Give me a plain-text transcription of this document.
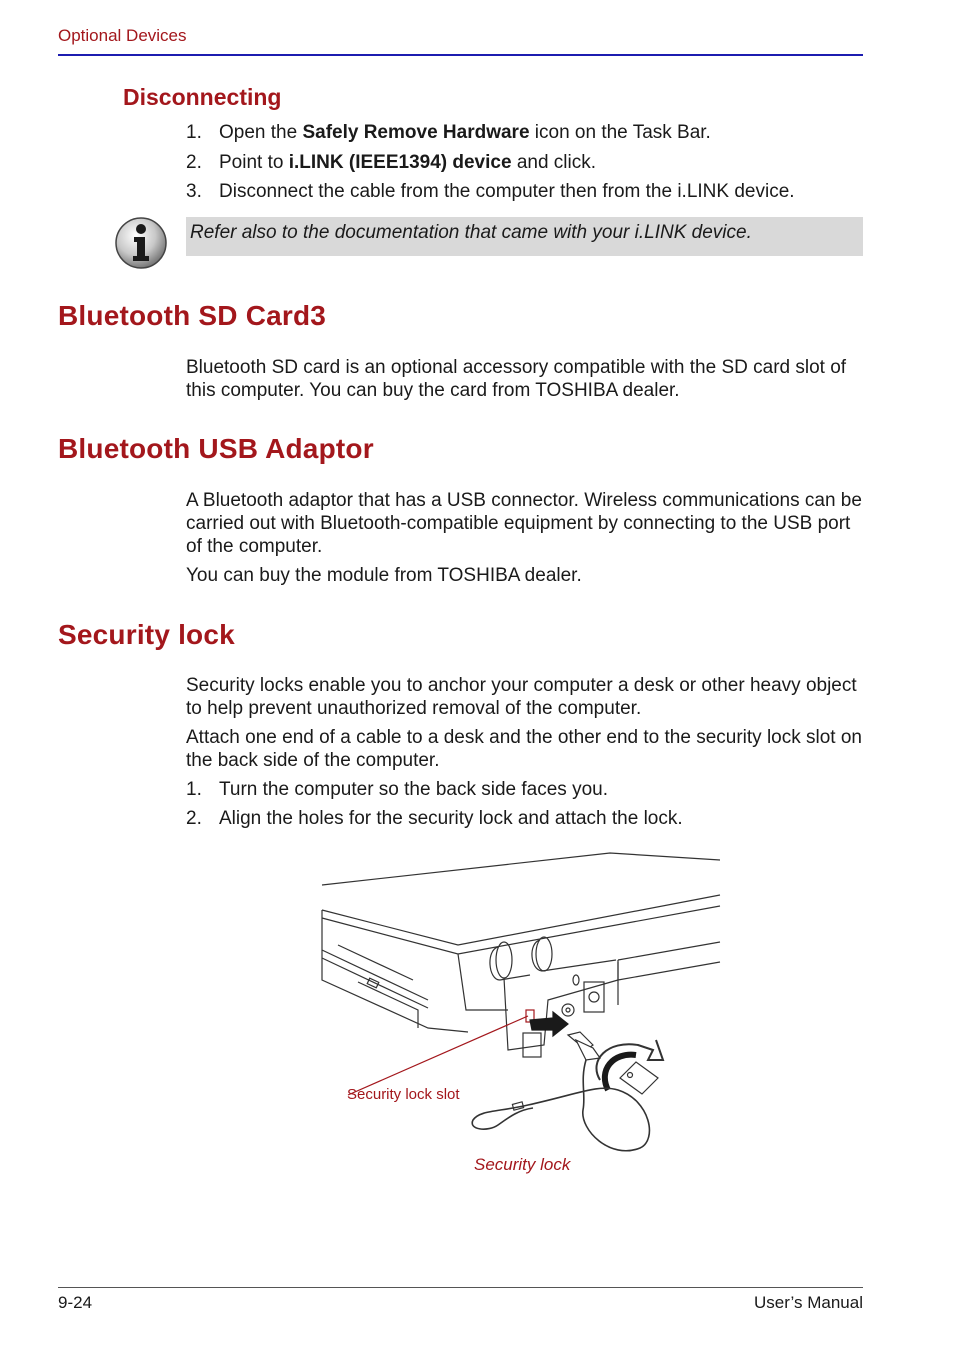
Optional Devices
Disconnecting
1. Open the Safely Remove Hardware icon on the Task Bar.
2. Point to i.LINK (IEEE1394) device and click.
3. Disconnect the cable from the computer then from the i.LINK device.
Refer also to the documentation that came with your i.LINK device.
Bluetooth SD Card3
Bluetooth SD card is an optional accessory compatible with the SD card slot of this computer. You can buy the card from TOSHIBA dealer.
Bluetooth USB Adaptor
A Bluetooth adaptor that has a USB connector. Wireless communications can be carried out with Bluetooth-compatible equipment by connecting to the USB port of the computer.
You can buy the module from TOSHIBA dealer.
Security lock
Security locks enable you to anchor your computer a desk or other heavy object to help prevent unauthorized removal of the computer.
Attach one end of a cable to a desk and the other end to the security lock slot on the back side of the computer.
1. Turn the computer so the back side faces you.
2. Align the holes for the security lock and attach the lock.
Security lock slot
Security lock
9-24	User’s Manual
